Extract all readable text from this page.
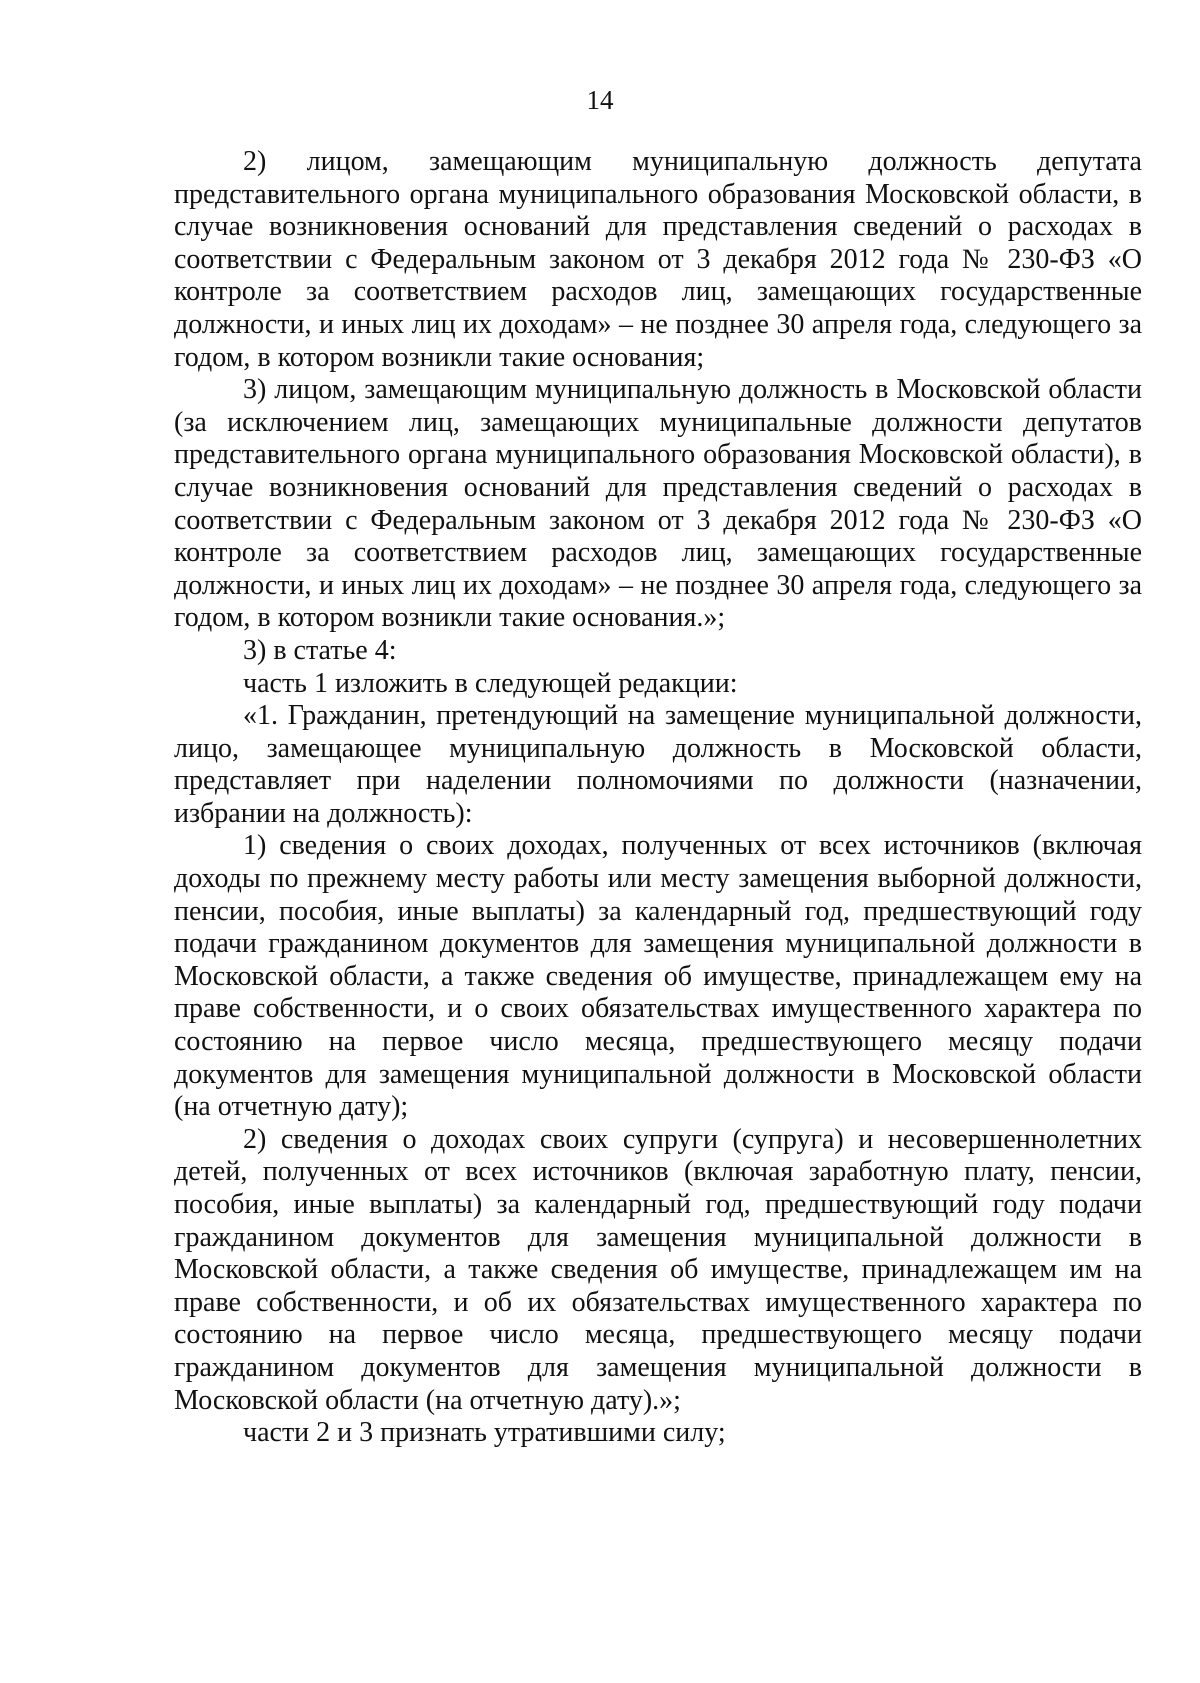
14

2) лицом, замещающим муниципальную должность депутата представительного органа муниципального образования Московской области, в случае возникновения оснований для представления сведений о расходах в соответствии с Федеральным законом от 3 декабря 2012 года № 230-ФЗ «О контроле за соответствием расходов лиц, замещающих государственные должности, и иных лиц их доходам» – не позднее 30 апреля года, следующего за годом, в котором возникли такие основания;

3) лицом, замещающим муниципальную должность в Московской области (за исключением лиц, замещающих муниципальные должности депутатов представительного органа муниципального образования Московской области), в случае возникновения оснований для представления сведений о расходах в соответствии с Федеральным законом от 3 декабря 2012 года № 230-ФЗ «О контроле за соответствием расходов лиц, замещающих государственные должности, и иных лиц их доходам» – не позднее 30 апреля года, следующего за годом, в котором возникли такие основания.»;

3) в статье 4:

часть 1 изложить в следующей редакции:

«1. Гражданин, претендующий на замещение муниципальной должности, лицо, замещающее муниципальную должность в Московской области, представляет при наделении полномочиями по должности (назначении, избрании на должность):

1) сведения о своих доходах, полученных от всех источников (включая доходы по прежнему месту работы или месту замещения выборной должности, пенсии, пособия, иные выплаты) за календарный год, предшествующий году подачи гражданином документов для замещения муниципальной должности в Московской области, а также сведения об имуществе, принадлежащем ему на праве собственности, и о своих обязательствах имущественного характера по состоянию на первое число месяца, предшествующего месяцу подачи документов для замещения муниципальной должности в Московской области (на отчетную дату);

2) сведения о доходах своих супруги (супруга) и несовершеннолетних детей, полученных от всех источников (включая заработную плату, пенсии, пособия, иные выплаты) за календарный год, предшествующий году подачи гражданином документов для замещения муниципальной должности в Московской области, а также сведения об имуществе, принадлежащем им на праве собственности, и об их обязательствах имущественного характера по состоянию на первое число месяца, предшествующего месяцу подачи гражданином документов для замещения муниципальной должности в Московской области (на отчетную дату).»;

части 2 и 3 признать утратившими силу;
